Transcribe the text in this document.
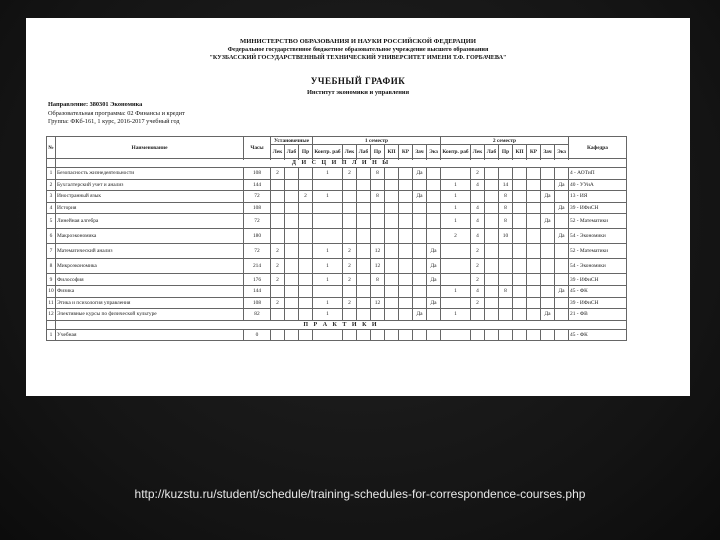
МИНИСТЕРСТВО ОБРАЗОВАНИЯ И НАУКИ РОССИЙСКОЙ ФЕДЕРАЦИИ
Федеральное государственное бюджетное образовательное учреждение высшего образования
"КУЗБАССКИЙ ГОСУДАРСТВЕННЫЙ ТЕХНИЧЕСКИЙ УНИВЕРСИТЕТ ИМЕНИ Т.Ф. ГОРБАЧЕВА"
УЧЕБНЫЙ ГРАФИК
Институт экономики и управления
Направление: 380301 Экономика
Образовательная программа: 02 Финансы и кредит
Группа: ФКб-161, 1 курс, 2016-2017 учебный год
№	Наименование	Часы	Установочные			1 семестр								2 семестр								Кафедра
			Лек	Лаб	Пр	Контр. раб	Лек	Лаб	Пр	КП	КР	Зач	Экз	Контр. раб	Лек	Лаб	Пр	КП	КР	Зач	Экз	

	Д И С Ц И П Л И Н Ы																					
1	Безопасность жизнедеятельности	108	2			1	2		8			Да			2							4 - АОТиП
2	Бухгалтерский учет и анализ	144												1	4		14				Да	40 - УУиА
3	Иностранный язык	72			2	1			8			Да		1			8			Да		13 - ИЯ
4	История	108												1	4		8				Да	39 - ИФиСН
5	Линейная алгебра	72												1	4		8			Да		52 - Математики
6	Макроэкономика	180												2	4		10				Да	54 - Экономики
7	Математический анализ	72	2			1	2		12				Да		2							52 - Математики
8	Микроэкономика	214	2			1	2		12				Да		2							54 - Экономики
9	Философия	176	2			1	2		8				Да		2							39 - ИФиСН
10	Физика	144												1	4		8				Да	45 - ФК
11	Этика и психология управления	108	2			1	2		12				Да		2							39 - ИФиСН
12	Элективные курсы по физической культуре	82				1						Да		1						Да		21 - ФВ
	П Р А К Т И К И																					
1	Учебная	0																				45 - ФК
http://kuzstu.ru/student/schedule/training-schedules-for-correspondence-courses.php
